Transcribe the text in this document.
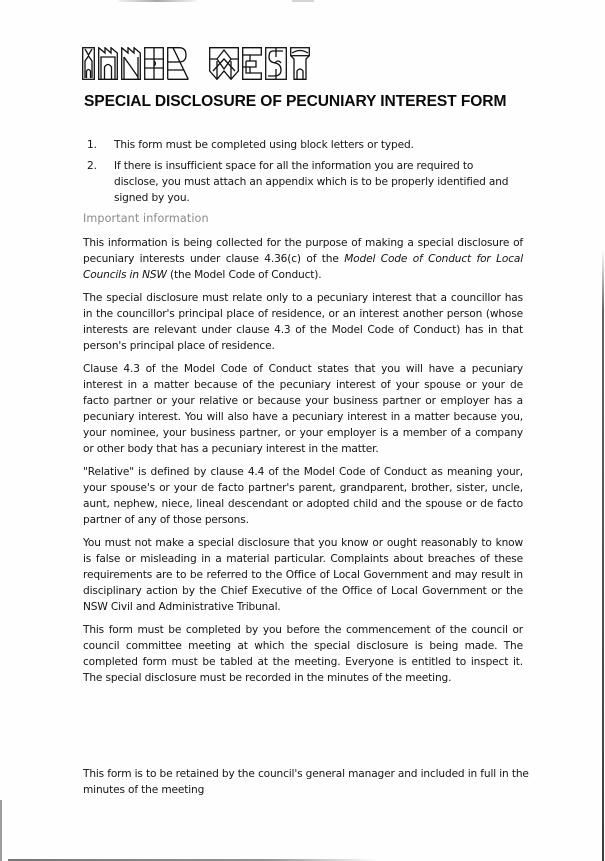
SPECIAL DISCLOSURE OF PECUNIARY INTEREST FORM
1.	This form must be completed using block letters or typed.
2.	If there is insufficient space for all the information you are required to disclose, you must attach an appendix which is to be properly identified and signed by you.
Important information

This information is being collected for the purpose of making a special disclosure of pecuniary interests under clause 4.36(c) of the Model Code of Conduct for Local Councils in NSW (the Model Code of Conduct).

The special disclosure must relate only to a pecuniary interest that a councillor has in the councillor's principal place of residence, or an interest another person (whose interests are relevant under clause 4.3 of the Model Code of Conduct) has in that person's principal place of residence.

Clause 4.3 of the Model Code of Conduct states that you will have a pecuniary interest in a matter because of the pecuniary interest of your spouse or your de facto partner or your relative or because your business partner or employer has a pecuniary interest. You will also have a pecuniary interest in a matter because you, your nominee, your business partner, or your employer is a member of a company or other body that has a pecuniary interest in the matter.

"Relative" is defined by clause 4.4 of the Model Code of Conduct as meaning your, your spouse's or your de facto partner's parent, grandparent, brother, sister, uncle, aunt, nephew, niece, lineal descendant or adopted child and the spouse or de facto partner of any of those persons.

You must not make a special disclosure that you know or ought reasonably to know is false or misleading in a material particular. Complaints about breaches of these requirements are to be referred to the Office of Local Government and may result in disciplinary action by the Chief Executive of the Office of Local Government or the NSW Civil and Administrative Tribunal.

This form must be completed by you before the commencement of the council or council committee meeting at which the special disclosure is being made. The completed form must be tabled at the meeting. Everyone is entitled to inspect it. The special disclosure must be recorded in the minutes of the meeting.

This form is to be retained by the council's general manager and included in full in the minutes of the meeting
